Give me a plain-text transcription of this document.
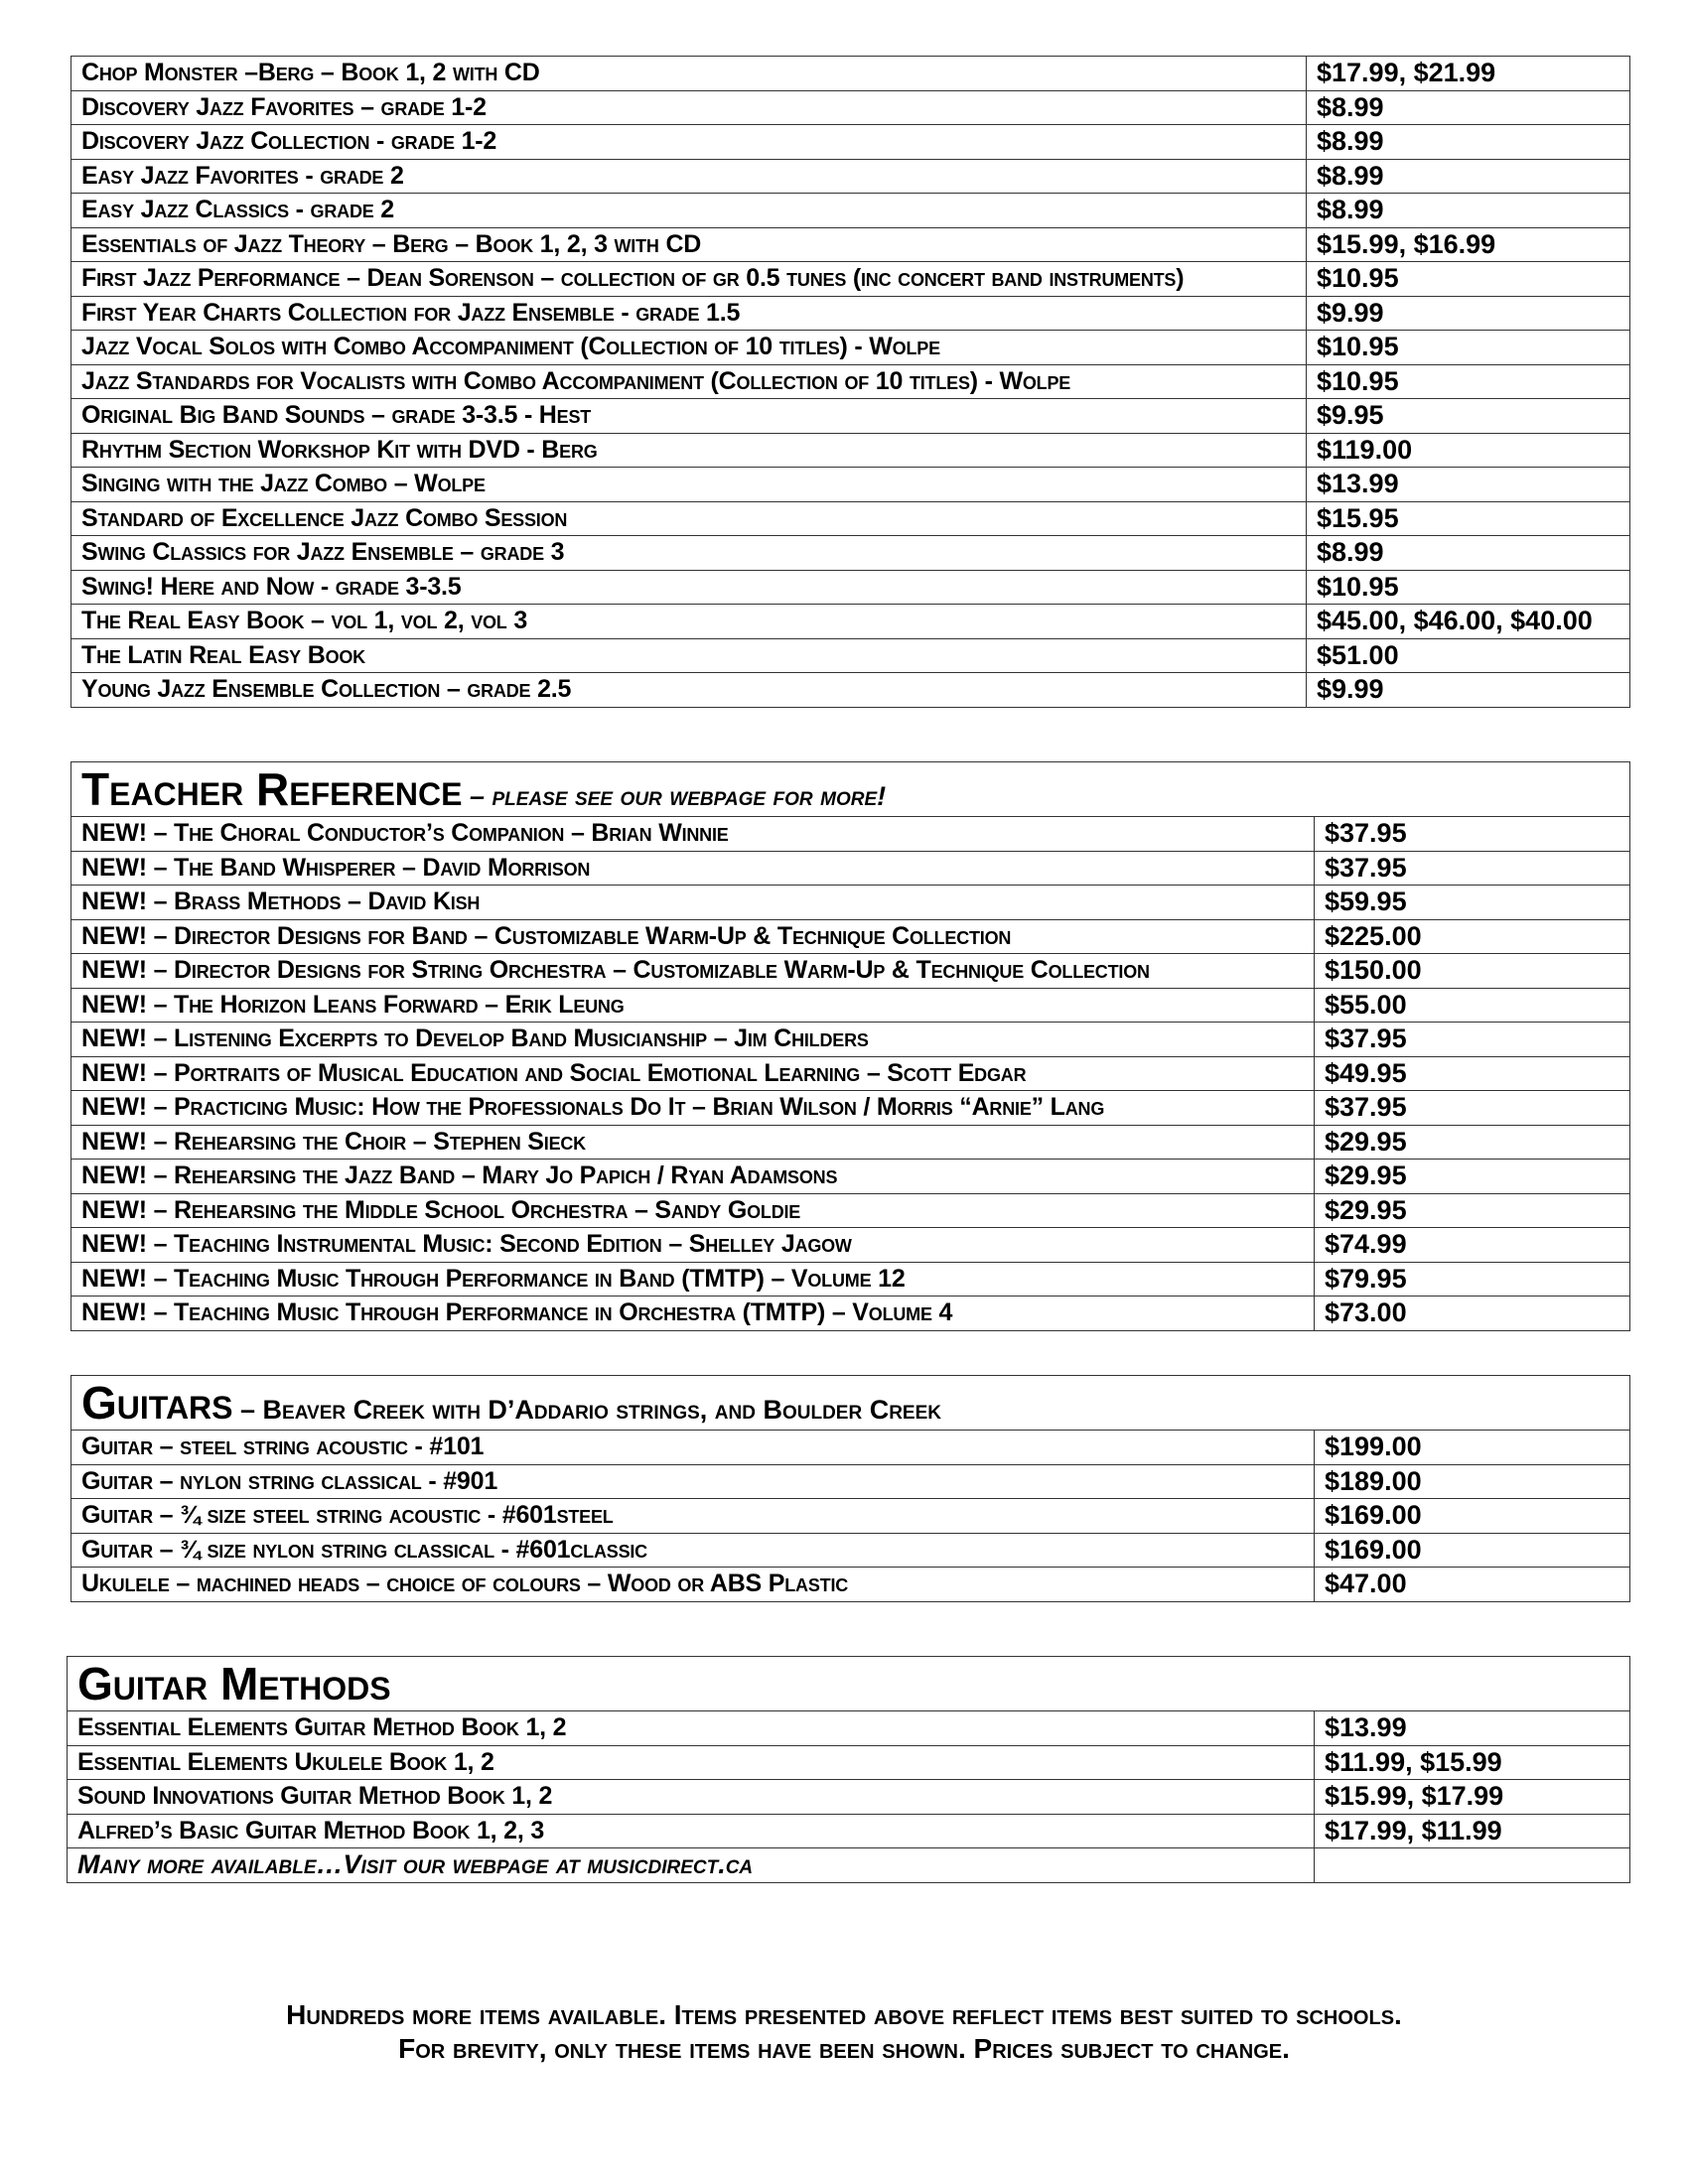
Chop Monster –Berg – Book 1, 2 with CD	$17.99, $21.99
Discovery Jazz Favorites – grade 1-2	$8.99
Discovery Jazz Collection - grade 1-2	$8.99
Easy Jazz Favorites - grade 2	$8.99
Easy Jazz Classics - grade 2	$8.99
Essentials of Jazz Theory – Berg – Book 1, 2, 3 with CD	$15.99, $16.99
First Jazz Performance – Dean Sorenson – collection of gr 0.5 tunes (inc concert band instruments)	$10.95
First Year Charts Collection for Jazz Ensemble - grade 1.5	$9.99
Jazz Vocal Solos with Combo Accompaniment (Collection of 10 titles) - Wolpe	$10.95
Jazz Standards for Vocalists with Combo Accompaniment (Collection of 10 titles) - Wolpe	$10.95
Original Big Band Sounds – grade 3-3.5 - Hest	$9.95
Rhythm Section Workshop Kit with DVD - Berg	$119.00
Singing with the Jazz Combo – Wolpe	$13.99
Standard of Excellence Jazz Combo Session	$15.95
Swing Classics for Jazz Ensemble – grade 3	$8.99
Swing! Here and Now - grade 3-3.5	$10.95
The Real Easy Book – vol 1, vol 2, vol 3	$45.00, $46.00, $40.00
The Latin Real Easy Book	$51.00
Young Jazz Ensemble Collection – grade 2.5	$9.99
Teacher Reference – please see our webpage for more!	
NEW! – The Choral Conductor’s Companion – Brian Winnie	$37.95
NEW! – The Band Whisperer – David Morrison	$37.95
NEW! – Brass Methods – David Kish	$59.95
NEW! – Director Designs for Band – Customizable Warm-Up & Technique Collection	$225.00
NEW! – Director Designs for String Orchestra – Customizable Warm-Up & Technique Collection	$150.00
NEW! – The Horizon Leans Forward – Erik Leung	$55.00
NEW! – Listening Excerpts to Develop Band Musicianship – Jim Childers	$37.95
NEW! – Portraits of Musical Education and Social Emotional Learning – Scott Edgar	$49.95
NEW! – Practicing Music: How the Professionals Do It – Brian Wilson / Morris “Arnie” Lang	$37.95
NEW! – Rehearsing the Choir – Stephen Sieck	$29.95
NEW! – Rehearsing the Jazz Band – Mary Jo Papich / Ryan Adamsons	$29.95
NEW! – Rehearsing the Middle School Orchestra – Sandy Goldie	$29.95
NEW! – Teaching Instrumental Music: Second Edition – Shelley Jagow	$74.99
NEW! – Teaching Music Through Performance in Band (TMTP) – Volume 12	$79.95
NEW! – Teaching Music Through Performance in Orchestra (TMTP) – Volume 4	$73.00
Guitars – Beaver Creek with D’Addario strings, and Boulder Creek	
Guitar – steel string acoustic - #101	$199.00
Guitar – nylon string classical - #901	$189.00
Guitar – ¾ size steel string acoustic - #601steel	$169.00
Guitar – ¾ size nylon string classical - #601classic	$169.00
Ukulele – machined heads – choice of colours – Wood or ABS Plastic	$47.00
Guitar Methods	
Essential Elements Guitar Method Book 1, 2	$13.99
Essential Elements Ukulele Book 1, 2	$11.99, $15.99
Sound Innovations Guitar Method Book 1, 2	$15.99, $17.99
Alfred’s Basic Guitar Method Book 1, 2, 3	$17.99, $11.99
Many more available…Visit our webpage at musicdirect.ca	
Hundreds more items available. Items presented above reflect items best suited to schools.
For brevity, only these items have been shown. Prices subject to change.
